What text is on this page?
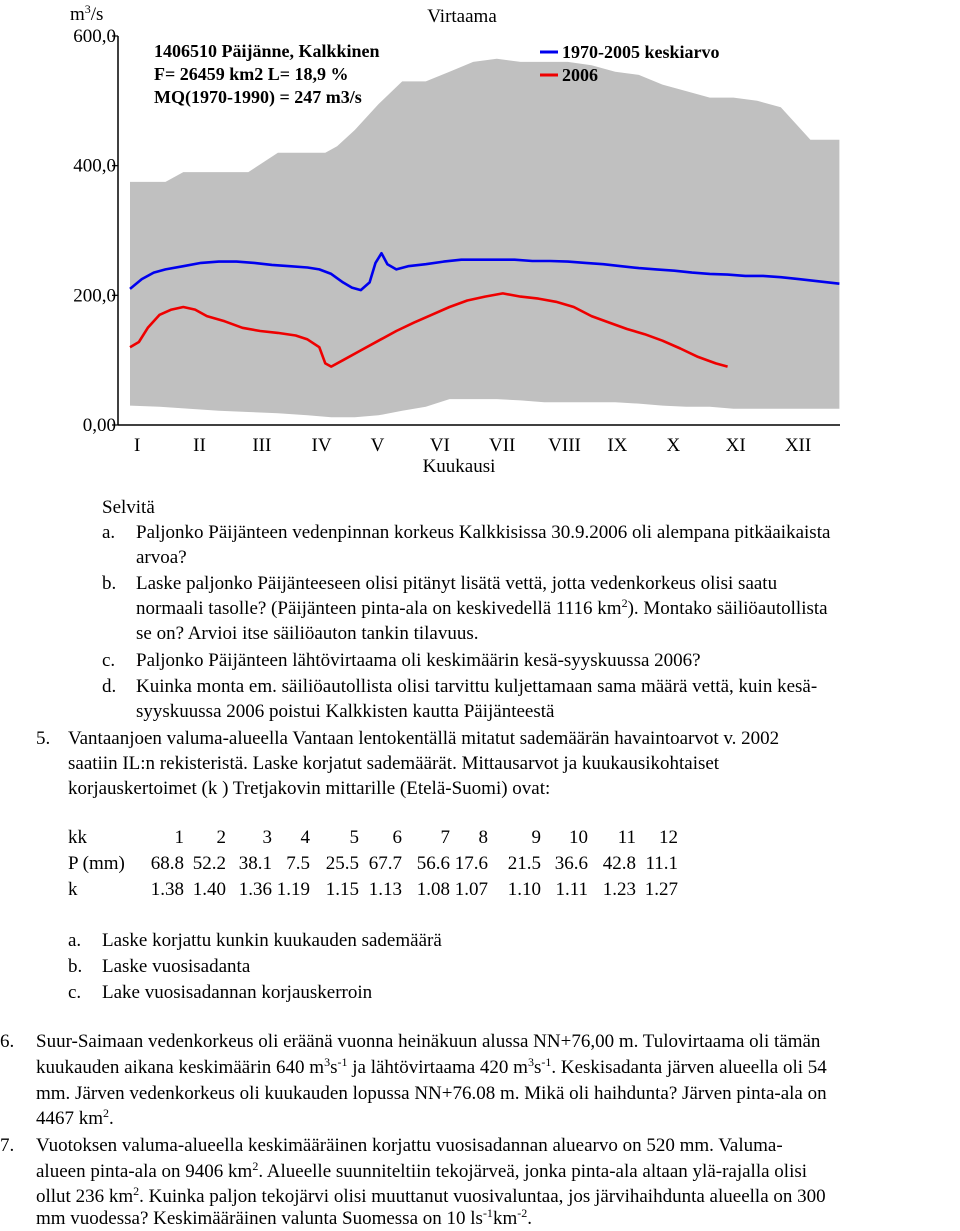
600,0
400,0
200,0
0,00
I	II III IV V VI VII VIII IX X XI XII
Virtaama
$m^3/s$
1406510 Päijänne, Kalkkinen
F= 26459 km2 L= 18,9 %
MQ(1970-1990) = 247 m3/s
1970-2005 keskiarvo
2006
Kuukausi
Selvitä
a. Paljonko Päijänteen vedenpinnan korkeus Kalkkisissa 30.9.2006 oli alempana pitkäaikaista
arvoa?
b. Laske paljonko Päijänteeseen olisi pitänyt lisätä vettä, jotta vedenkorkeus olisi saatu
normaali tasolle? (Päijänteen pinta-ala on keskivedellä 1116 $km^2$). Montako säiliöautollista
se on? Arvioi itse säiliöauton tankin tilavuus.
c. Paljonko Päijänteen lähtövirtaama oli keskimäärin kesä-syyskuussa 2006?
d. Kuinka monta em. säiliöautollista olisi tarvittu kuljettamaan sama määrä vettä, kuin kesä-
syyskuussa 2006 poistui Kalkkisten kautta Päijänteestä
5. Vantaanjoen valuma-alueella Vantaan lentokentällä mitatut sademäärän havaintoarvot v. 2002
saatiin IL:n rekisteristä. Laske korjatut sademäärät. Mittausarvot ja kuukausikohtaiset
korjauskertoimet (k ) Tretjakovin mittarille (Etelä-Suomi) ovat:
kk	1	2	3	4	5	6	7	8	9	10	11	12
P (mm) 68.8 52.2 38.1 7.5 25.5 67.7 56.6 17.6 21.5 36.6 42.8 11.1
k	1.38 1.40 1.36 1.19 1.15 1.13 1.08 1.07 1.10 1.11 1.23 1.27
a. Laske korjattu kunkin kuukauden sademäärä
b. Laske vuosisadanta
c. Lake vuosisadannan korjauskerroin
6. Suur-Saimaan vedenkorkeus oli eräänä vuonna heinäkuun alussa NN+76,00 m. Tulovirtaama oli tämän
kuukauden aikana keskimäärin 640 $m^3s^{-1}$ ja lähtövirtaama 420 $m^3s^{-1}$. Keskisadanta järven alueella oli 54
mm. Järven vedenkorkeus oli kuukauden lopussa NN+76.08 m. Mikä oli haihdunta? Järven pinta-ala on
4467 $km^2$.
7. Vuotoksen valuma-alueella keskimääräinen korjattu vuosisadannan aluearvo on 520 mm. Valuma-
alueen pinta-ala on 9406 $km^2$. Alueelle suunniteltiin tekojärveä, jonka pinta-ala altaan ylä-rajalla olisi
ollut 236 $km^2$. Kuinka paljon tekojärvi olisi muuttanut vuosivaluntaa, jos järvihaihdunta alueella on 300
mm vuodessa? Keskimääräinen valunta Suomessa on 10 $ls^{-1}km^{-2}$.
